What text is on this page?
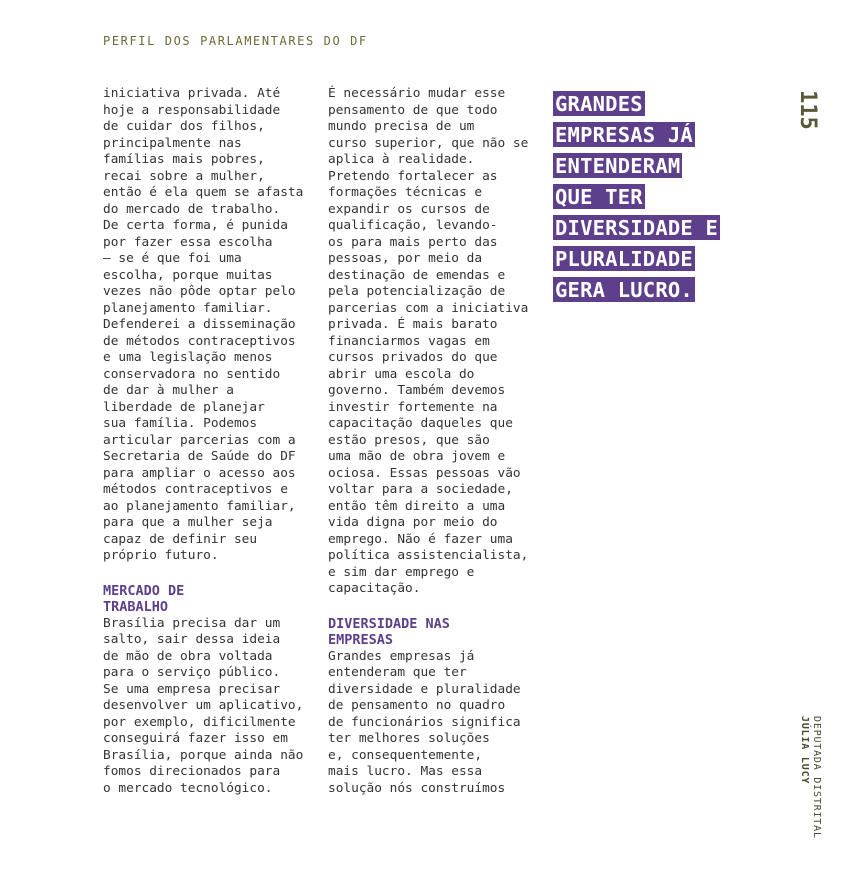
PERFIL DOS PARLAMENTARES DO DF
iniciativa privada. Até
hoje a responsabilidade
de cuidar dos filhos,
principalmente nas
famílias mais pobres,
recai sobre a mulher,
então é ela quem se afasta
do mercado de trabalho.
De certa forma, é punida
por fazer essa escolha
— se é que foi uma
escolha, porque muitas
vezes não pôde optar pelo
planejamento familiar.
Defenderei a disseminação
de métodos contraceptivos
e uma legislação menos
conservadora no sentido
de dar à mulher a
liberdade de planejar
sua família. Podemos
articular parcerias com a
Secretaria de Saúde do DF
para ampliar o acesso aos
métodos contraceptivos e
ao planejamento familiar,
para que a mulher seja
capaz de definir seu
próprio futuro.
MERCADO DE
TRABALHO
Brasília precisa dar um
salto, sair dessa ideia
de mão de obra voltada
para o serviço público.
Se uma empresa precisar
desenvolver um aplicativo,
por exemplo, dificilmente
conseguirá fazer isso em
Brasília, porque ainda não
fomos direcionados para
o mercado tecnológico.
É necessário mudar esse
pensamento de que todo
mundo precisa de um
curso superior, que não se
aplica à realidade.
Pretendo fortalecer as
formações técnicas e
expandir os cursos de
qualificação, levando-
os para mais perto das
pessoas, por meio da
destinação de emendas e
pela potencialização de
parcerias com a iniciativa
privada. É mais barato
financiarmos vagas em
cursos privados do que
abrir uma escola do
governo. Também devemos
investir fortemente na
capacitação daqueles que
estão presos, que são
uma mão de obra jovem e
ociosa. Essas pessoas vão
voltar para a sociedade,
então têm direito a uma
vida digna por meio do
emprego. Não é fazer uma
política assistencialista,
e sim dar emprego e
capacitação.
DIVERSIDADE NAS
EMPRESAS
Grandes empresas já
entenderam que ter
diversidade e pluralidade
de pensamento no quadro
de funcionários significa
ter melhores soluções
e, consequentemente,
mais lucro. Mas essa
solução nós construímos
GRANDES
EMPRESAS JÁ
ENTENDERAM
QUE TER
DIVERSIDADE E
PLURALIDADE
GERA LUCRO.
115
DEPUTADA DISTRITAL
JÚLIA LUCY
